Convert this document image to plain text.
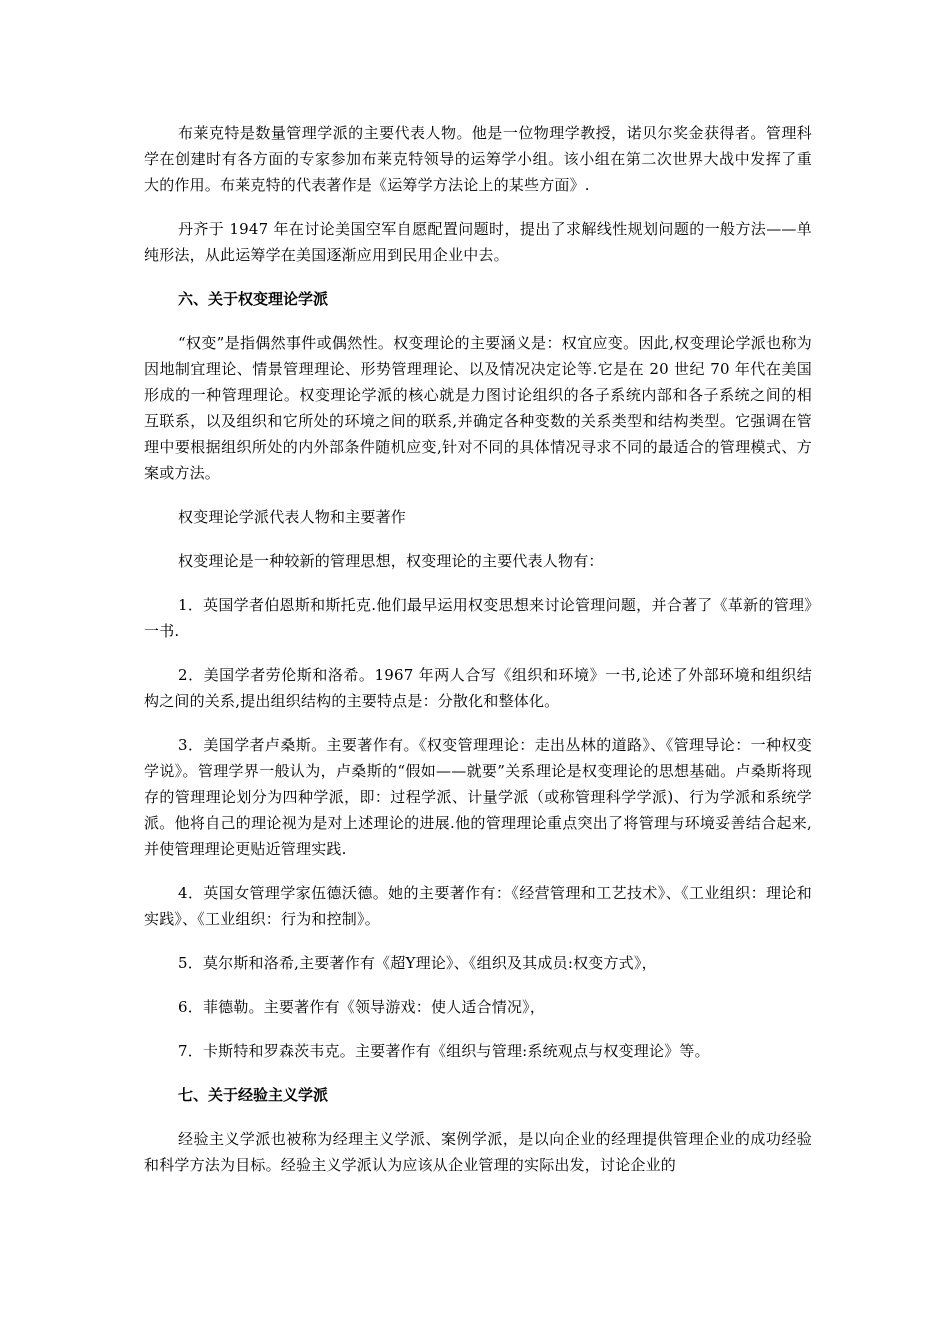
布莱克特是数量管理学派的主要代表人物。他是一位物理学教授，诺贝尔奖金获得者。管理科学在创建时有各方面的专家参加布莱克特领导的运筹学小组。该小组在第二次世界大战中发挥了重大的作用。布莱克特的代表著作是《运筹学方法论上的某些方面》.

丹齐于 1947 年在讨论美国空军自愿配置问题时，提出了求解线性规划问题的一般方法——单纯形法，从此运筹学在美国逐渐应用到民用企业中去。

六、关于权变理论学派

“权变”是指偶然事件或偶然性。权变理论的主要涵义是：权宜应变。因此,权变理论学派也称为因地制宜理论、情景管理理论、形势管理理论、以及情况决定论等.它是在 20 世纪 70 年代在美国形成的一种管理理论。权变理论学派的核心就是力图讨论组织的各子系统内部和各子系统之间的相互联系，以及组织和它所处的环境之间的联系,并确定各种变数的关系类型和结构类型。它强调在管理中要根据组织所处的内外部条件随机应变,针对不同的具体情况寻求不同的最适合的管理模式、方案或方法。

权变理论学派代表人物和主要著作

权变理论是一种较新的管理思想，权变理论的主要代表人物有：

1．英国学者伯恩斯和斯托克.他们最早运用权变思想来讨论管理问题，并合著了《革新的管理》一书.

2．美国学者劳伦斯和洛希。1967 年两人合写《组织和环境》一书,论述了外部环境和组织结构之间的关系,提出组织结构的主要特点是：分散化和整体化。

3．美国学者卢桑斯。主要著作有。《权变管理理论：走出丛林的道路》、《管理导论：一种权变学说》。管理学界一般认为，卢桑斯的“假如——就要”关系理论是权变理论的思想基础。卢桑斯将现存的管理理论划分为四种学派，即：过程学派、计量学派（或称管理科学学派)、行为学派和系统学派。他将自己的理论视为是对上述理论的进展.他的管理理论重点突出了将管理与环境妥善结合起来,并使管理理论更贴近管理实践.

4．英国女管理学家伍德沃德。她的主要著作有：《经营管理和工艺技术》、《工业组织：理论和实践》、《工业组织：行为和控制》。

5．莫尔斯和洛希,主要著作有《超Y理论》、《组织及其成员:权变方式》，

6．菲德勒。主要著作有《领导游戏：使人适合情况》，

7．卡斯特和罗森茨韦克。主要著作有《组织与管理:系统观点与权变理论》等。

七、关于经验主义学派

经验主义学派也被称为经理主义学派、案例学派，是以向企业的经理提供管理企业的成功经验和科学方法为目标。经验主义学派认为应该从企业管理的实际出发，讨论企业的
